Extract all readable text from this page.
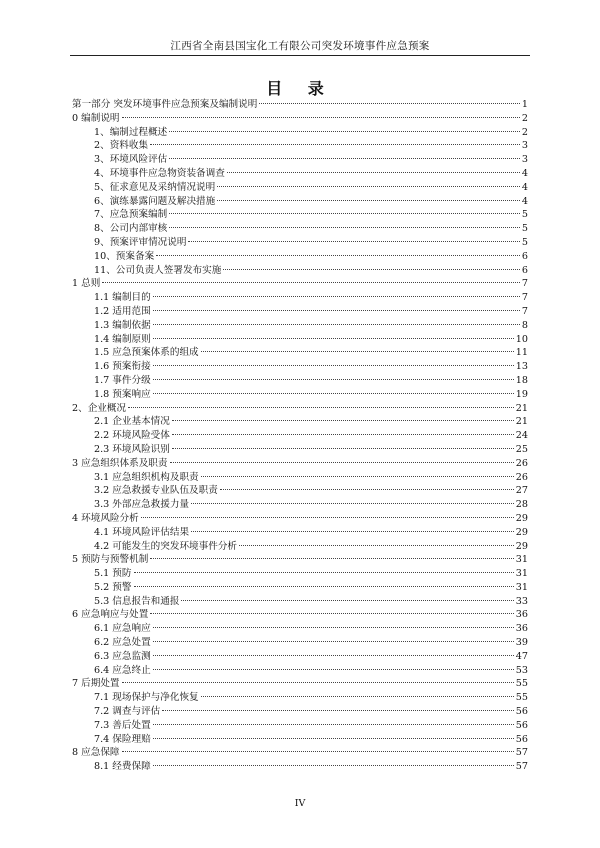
江西省全南县国宝化工有限公司突发环境事件应急预案
目 录
第一部分 突发环境事件应急预案及编制说明	1
0 编制说明	2
1、编制过程概述	2
2、资料收集	3
3、环境风险评估	3
4、环境事件应急物资装备调查	4
5、征求意见及采纳情况说明	4
6、演练暴露问题及解决措施	4
7、应急预案编制	5
8、公司内部审核	5
9、预案评审情况说明	5
10、预案备案	6
11、公司负责人签署发布实施	6
1 总则	7
1.1 编制目的	7
1.2 适用范围	7
1.3 编制依据	8
1.4 编制原则	10
1.5 应急预案体系的组成	11
1.6 预案衔接	13
1.7 事件分级	18
1.8 预案响应	19
2、企业概况	21
2.1 企业基本情况	21
2.2 环境风险受体	24
2.3 环境风险识别	25
3 应急组织体系及职责	26
3.1 应急组织机构及职责	26
3.2 应急救援专业队伍及职责	27
3.3 外部应急救援力量	28
4 环境风险分析	29
4.1 环境风险评估结果	29
4.2 可能发生的突发环境事件分析	29
5 预防与预警机制	31
5.1 预防	31
5.2 预警	31
5.3 信息报告和通报	33
6 应急响应与处置	36
6.1 应急响应	36
6.2 应急处置	39
6.3 应急监测	47
6.4 应急终止	53
7 后期处置	55
7.1 现场保护与净化恢复	55
7.2 调查与评估	56
7.3 善后处置	56
7.4 保险理赔	56
8 应急保障	57
8.1 经费保障	57
IV
